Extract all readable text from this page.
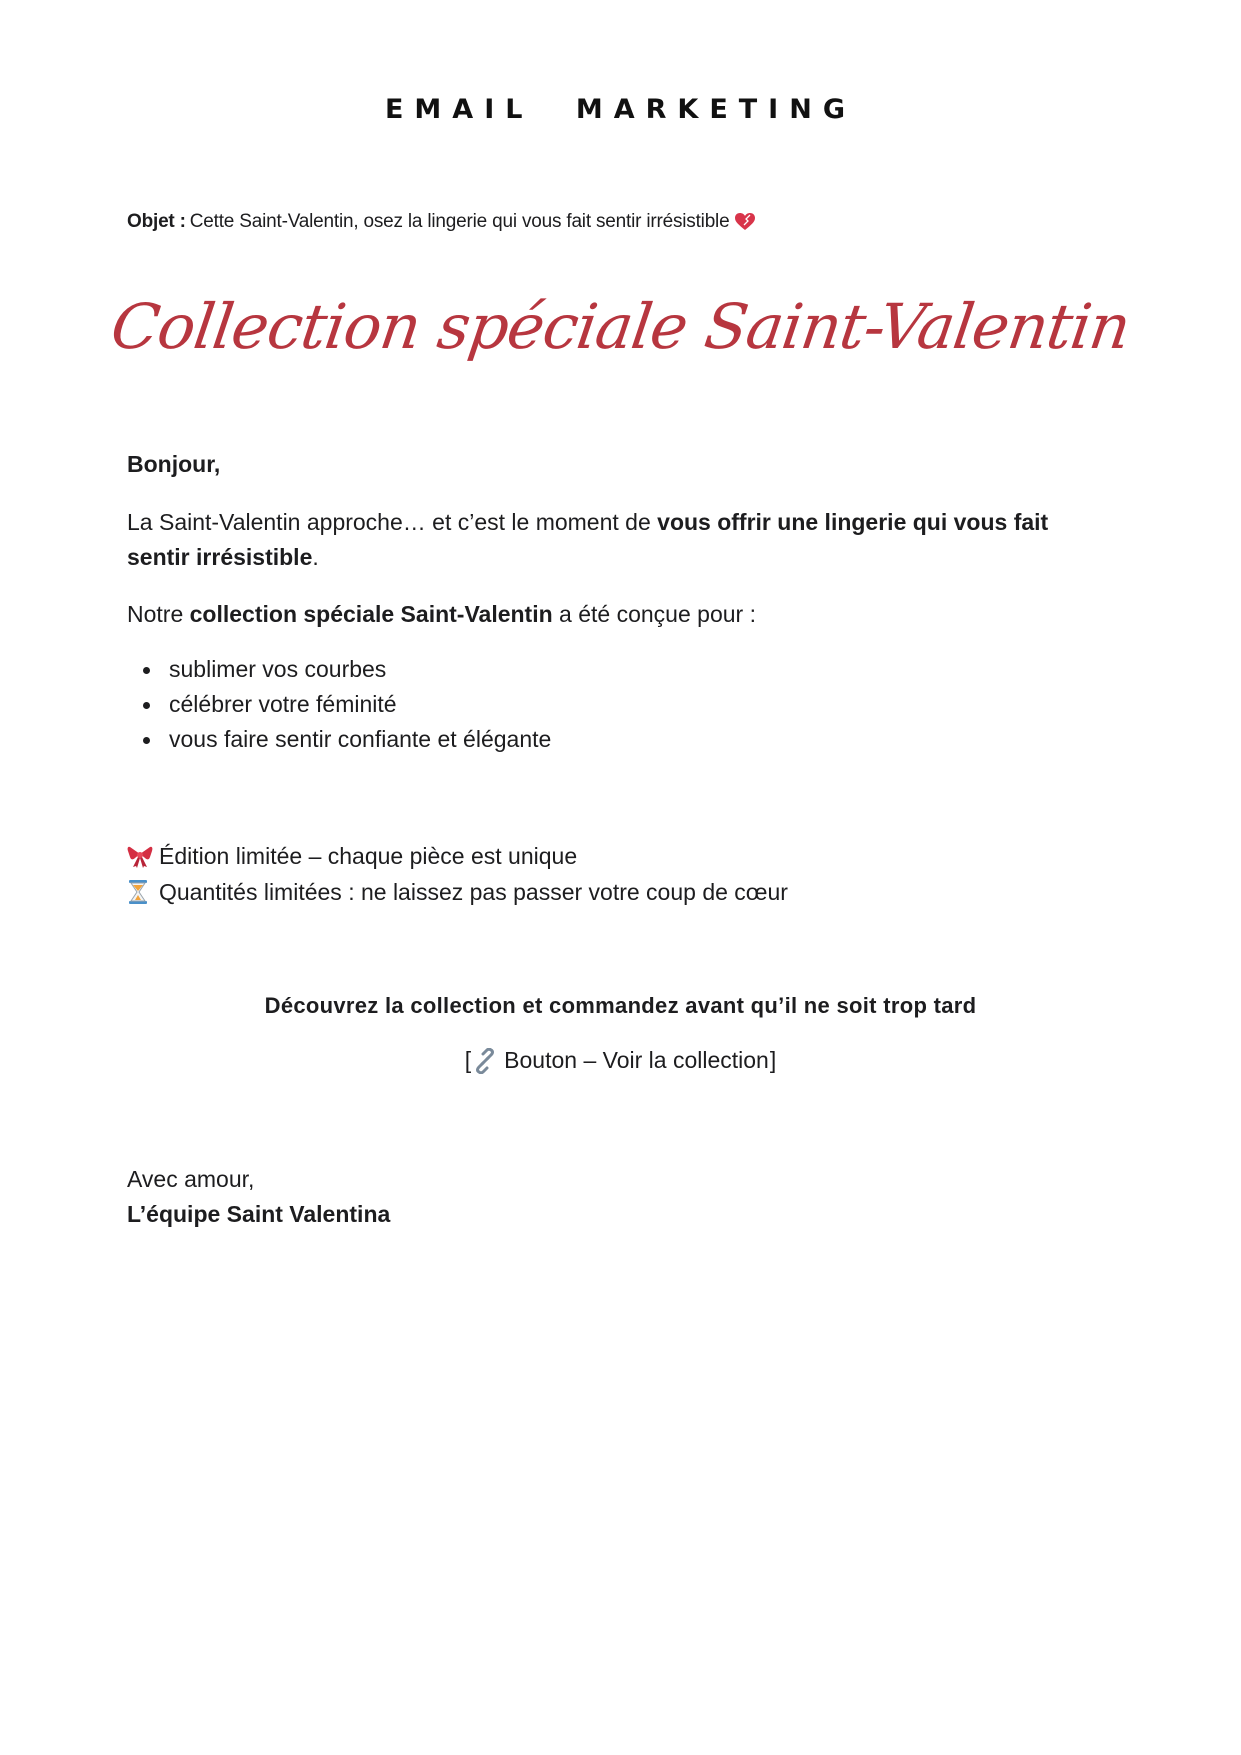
EMAIL MARKETING
Objet : Cette Saint-Valentin, osez la lingerie qui vous fait sentir irrésistible
Collection spéciale Saint-Valentin
Bonjour,
La Saint-Valentin approche… et c’est le moment de vous offrir une lingerie qui vous fait sentir irrésistible.
Notre collection spéciale Saint-Valentin a été conçue pour :
sublimer vos courbes
célébrer votre féminité
vous faire sentir confiante et élégante
Édition limitée – chaque pièce est unique
Quantités limitées : ne laissez pas passer votre coup de cœur
Découvrez la collection et commandez avant qu’il ne soit trop tard
[ Bouton – Voir la collection ]
Avec amour,
L’équipe Saint Valentina
